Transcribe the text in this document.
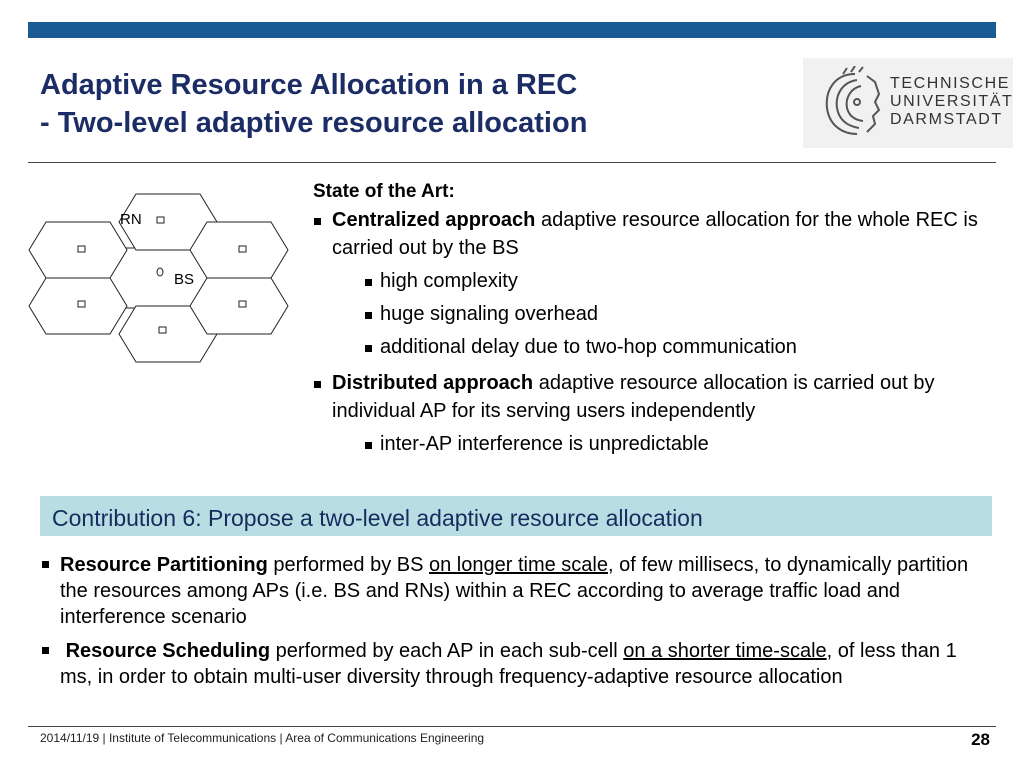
Adaptive Resource Allocation in a REC
- Two-level adaptive resource allocation
TECHNISCHE
UNIVERSITÄT
DARMSTADT
RN
BS

State of the Art:

Centralized approach adaptive resource allocation for the whole REC is carried out by the BS

high complexity

huge signaling overhead

additional delay due to two-hop communication

Distributed approach adaptive resource allocation is carried out by individual AP for its serving users independently

inter-AP interference is unpredictable

Contribution 6: Propose a two-level adaptive resource allocation

Resource Partitioning performed by BS on longer time scale, of few millisecs, to dynamically partition the resources among APs (i.e. BS and RNs) within a REC according to average traffic load and interference scenario

Resource Scheduling performed by each AP in each sub-cell on a shorter time-scale, of less than 1 ms, in order to obtain multi-user diversity through frequency-adaptive resource allocation

2014/11/19 | Institute of Telecommunications | Area of Communications Engineering	28
